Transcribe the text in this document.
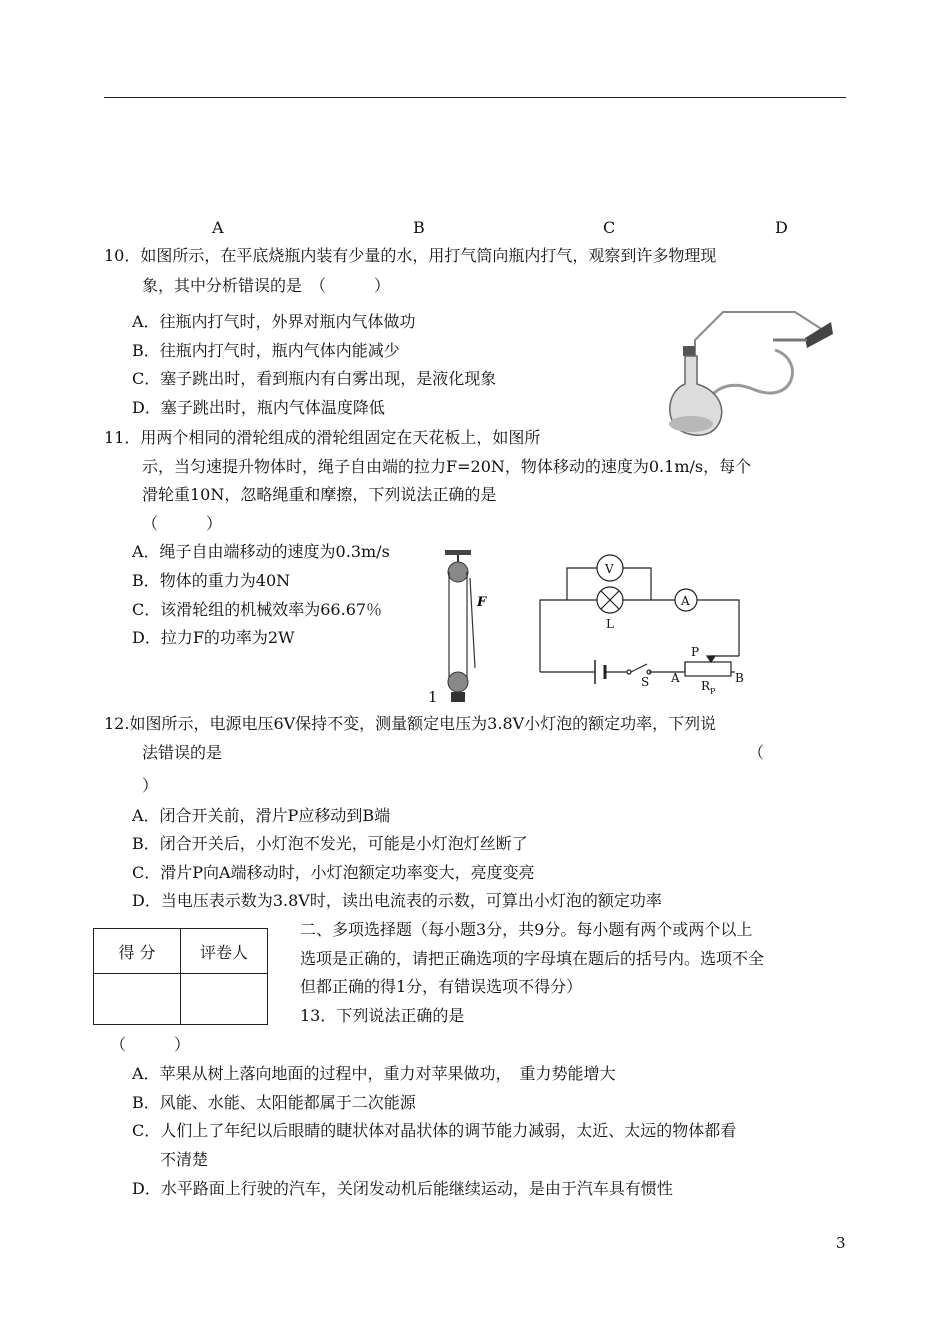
A	B	C	D
10．如图所示，在平底烧瓶内装有少量的水，用打气筒向瓶内打气，观察到许多物理现
象，其中分析错误的是　（　　　）
A．往瓶内打气时，外界对瓶内气体做功
B．往瓶内打气时，瓶内气体内能减少
C．塞子跳出时，看到瓶内有白雾出现，是液化现象
D．塞子跳出时，瓶内气体温度降低
11．用两个相同的滑轮组成的滑轮组固定在天花板上，如图所
示，当匀速提升物体时，绳子自由端的拉力F=20N，物体移动的速度为0.1m/s，每个
滑轮重10N，忽略绳重和摩擦，下列说法正确的是
（　　　）
A．绳子自由端移动的速度为0.3m/s
B．物体的重力为40N
C．该滑轮组的机械效率为66.67％
D．拉力F的功率为2W
F
1
V
A
L
P
S A	B
R P
12.如图所示，电源电压6V保持不变，测量额定电压为3.8V小灯泡的额定功率，下列说
法错误的是	（
）
A．闭合开关前，滑片P应移动到B端
B．闭合开关后，小灯泡不发光，可能是小灯泡灯丝断了
C．滑片P向A端移动时，小灯泡额定功率变大，亮度变亮
D．当电压表示数为3.8V时，读出电流表的示数，可算出小灯泡的额定功率
得 分	评卷人

二、多项选择题（每小题3分，共9分。每小题有两个或两个以上
选项是正确的，请把正确选项的字母填在题后的括号内。选项不全
但都正确的得1分，有错误选项不得分）
13．下列说法正确的是
（　　　）
A．苹果从树上落向地面的过程中，重力对苹果做功，　重力势能增大
B．风能、水能、太阳能都属于二次能源
C．人们上了年纪以后眼睛的睫状体对晶状体的调节能力减弱，太近、太远的物体都看
不清楚
D．水平路面上行驶的汽车，关闭发动机后能继续运动，是由于汽车具有惯性
3
